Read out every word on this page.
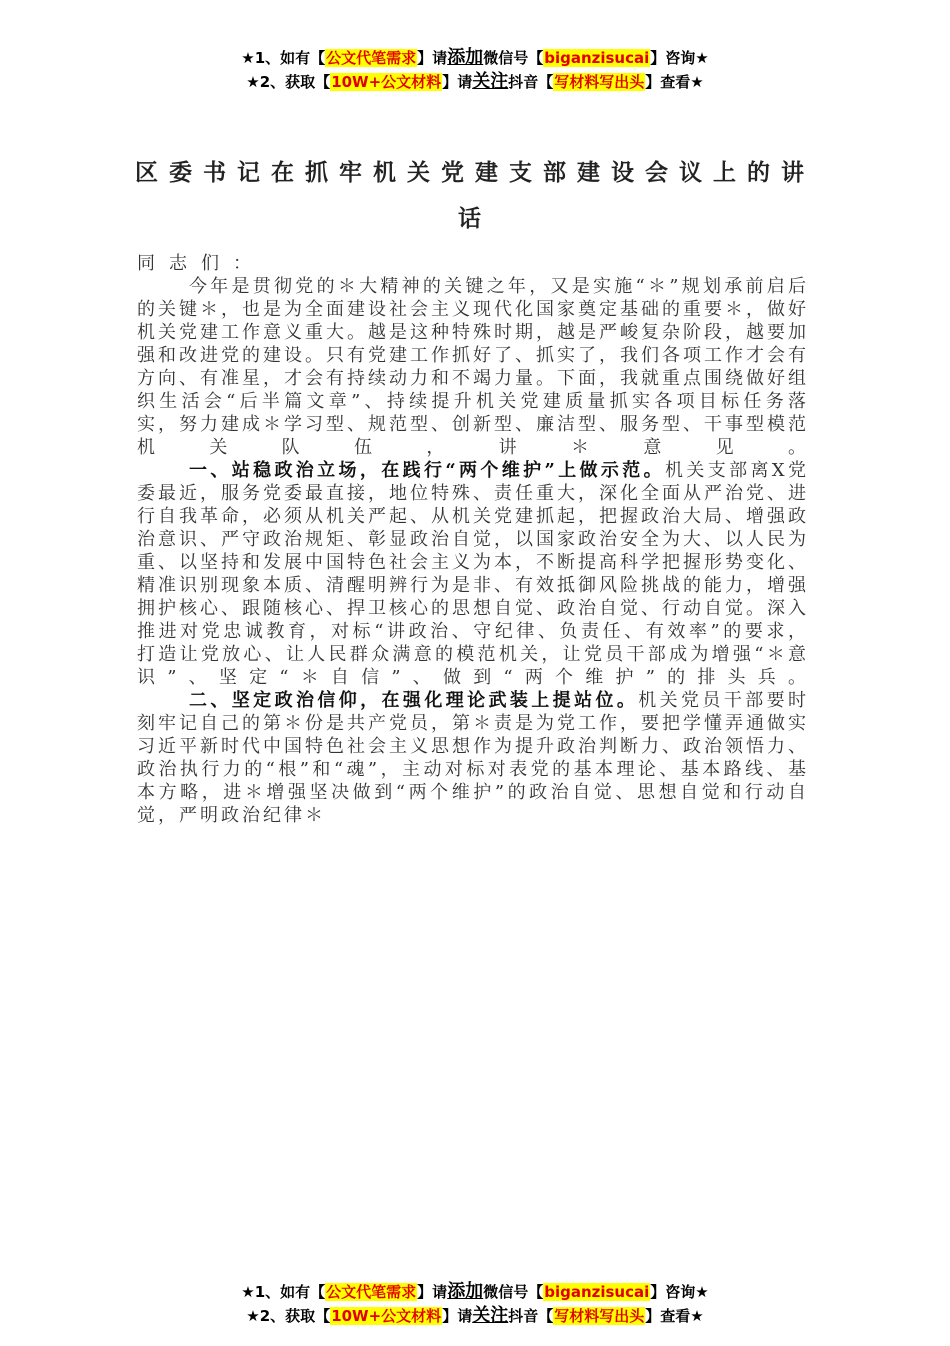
★1、如有【公文代笔需求】请添加微信号【biganzisucai】咨询★
★2、获取【10W+公文材料】请关注抖音【写材料写出头】查看★
区委书记在抓牢机关党建支部建设会议上的讲话

同志们：

今年是贯彻党的＊大精神的关键之年，又是实施“＊”规划承前启后的关键＊，也是为全面建设社会主义现代化国家奠定基础的重要＊，做好机关党建工作意义重大。越是这种特殊时期，越是严峻复杂阶段，越要加强和改进党的建设。只有党建工作抓好了、抓实了，我们各项工作才会有方向、有准星，才会有持续动力和不竭力量。下面，我就重点围绕做好组织生活会“后半篇文章”、持续提升机关党建质量抓实各项目标任务落实，努力建成＊学习型、规范型、创新型、廉洁型、服务型、干事型模范机关队伍，讲＊意见。

一、站稳政治立场，在践行“两个维护”上做示范。机关支部离X党委最近，服务党委最直接，地位特殊、责任重大，深化全面从严治党、进行自我革命，必须从机关严起、从机关党建抓起，把握政治大局、增强政治意识、严守政治规矩、彰显政治自觉，以国家政治安全为大、以人民为重、以坚持和发展中国特色社会主义为本，不断提高科学把握形势变化、精准识别现象本质、清醒明辨行为是非、有效抵御风险挑战的能力，增强拥护核心、跟随核心、捍卫核心的思想自觉、政治自觉、行动自觉。深入推进对党忠诚教育，对标“讲政治、守纪律、负责任、有效率”的要求，打造让党放心、让人民群众满意的模范机关，让党员干部成为增强“＊意识”、坚定“＊自信”、做到“两个维护”的排头兵。

二、坚定政治信仰，在强化理论武装上提站位。机关党员干部要时刻牢记自己的第＊份是共产党员，第＊责是为党工作，要把学懂弄通做实习近平新时代中国特色社会主义思想作为提升政治判断力、政治领悟力、政治执行力的“根”和“魂”，主动对标对表党的基本理论、基本路线、基本方略，进＊增强坚决做到“两个维护”的政治自觉、思想自觉和行动自觉，严明政治纪律＊

★1、如有【公文代笔需求】请添加微信号【biganzisucai】咨询★
★2、获取【10W+公文材料】请关注抖音【写材料写出头】查看★
